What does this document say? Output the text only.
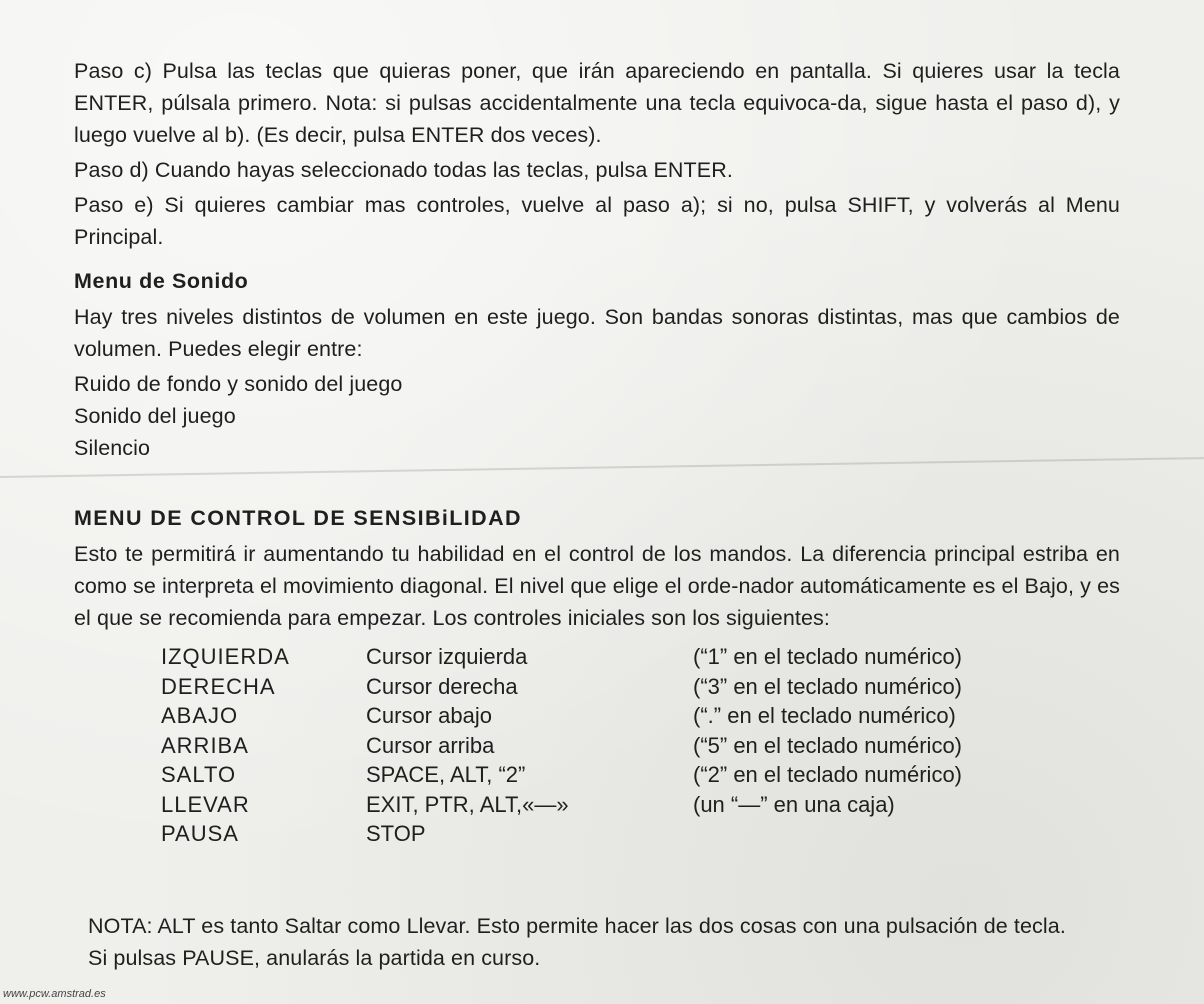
Paso c) Pulsa las teclas que quieras poner, que irán apareciendo en pantalla. Si quieres usar la tecla ENTER, púlsala primero. Nota: si pulsas accidentalmente una tecla equivoca-da, sigue hasta el paso d), y luego vuelve al b). (Es decir, pulsa ENTER dos veces).

Paso d) Cuando hayas seleccionado todas las teclas, pulsa ENTER.

Paso e) Si quieres cambiar mas controles, vuelve al paso a); si no, pulsa SHIFT, y volverás al Menu Principal.

Menu de Sonido

Hay tres niveles distintos de volumen en este juego. Son bandas sonoras distintas, mas que cambios de volumen. Puedes elegir entre:

Ruido de fondo y sonido del juego

Sonido del juego

Silencio

MENU DE CONTROL DE SENSIBiLIDAD

Esto te permitirá ir aumentando tu habilidad en el control de los mandos. La diferencia principal estriba en como se interpreta el movimiento diagonal. El nivel que elige el orde-nador automáticamente es el Bajo, y es el que se recomienda para empezar. Los controles iniciales son los siguientes:

IZQUIERDA	Cursor izquierda	(“1” en el teclado numérico)
DERECHA	Cursor derecha	(“3” en el teclado numérico)
ABAJO	Cursor abajo	(“.” en el teclado numérico)
ARRIBA	Cursor arriba	(“5” en el teclado numérico)
SALTO	SPACE, ALT, “2”	(“2” en el teclado numérico)
LLEVAR	EXIT, PTR, ALT,«—»	(un “—” en una caja)
PAUSA	STOP	

NOTA: ALT es tanto Saltar como Llevar. Esto permite hacer las dos cosas con una pulsación de tecla. Si pulsas PAUSE, anularás la partida en curso.

www.pcw.amstrad.es
